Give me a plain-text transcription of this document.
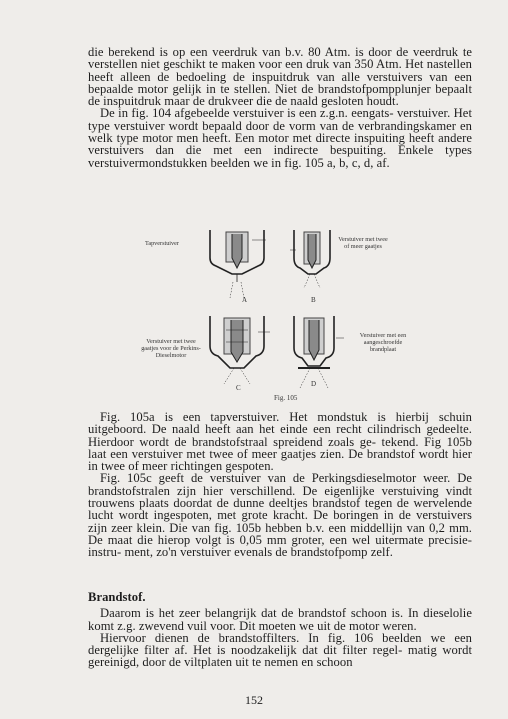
die berekend is op een veerdruk van b.v. 80 Atm. is door de veerdruk te verstellen niet geschikt te maken voor een druk van 350 Atm. Het nastellen heeft alleen de bedoeling de inspuitdruk van alle verstuivers van een bepaalde motor gelijk in te stellen. Niet de brandstofpompplunjer bepaalt de inspuitdruk maar de drukveer die de naald gesloten houdt.

De in fig. 104 afgebeelde verstuiver is een z.g.n. eengats- verstuiver. Het type verstuiver wordt bepaald door de vorm van de verbrandingskamer en welk type motor men heeft. Een motor met directe inspuiting heeft andere verstuivers dan die met een indirecte bespuiting. Enkele types verstuivermondstukken beelden we in fig. 105 a, b, c, d, af.

Tapverstuiver
Verstuiver met twee of meer gaatjes
Verstuiver met twee gaatjes voor de Perkins-Dieselmotor
Verstuiver met een aangeschroefde brandplaat
A	B
C	D
Fig. 105

Fig. 105a is een tapverstuiver. Het mondstuk is hierbij schuin uitgeboord. De naald heeft aan het einde een recht cilindrisch gedeelte. Hierdoor wordt de brandstofstraal spreidend zoals ge- tekend. Fig 105b laat een verstuiver met twee of meer gaatjes zien. De brandstof wordt hier in twee of meer richtingen gespoten.

Fig. 105c geeft de verstuiver van de Perkingsdieselmotor weer. De brandstofstralen zijn hier verschillend. De eigenlijke verstuiving vindt trouwens plaats doordat de dunne deeltjes brandstof tegen de wervelende lucht wordt ingespoten, met grote kracht. De boringen in de verstuivers zijn zeer klein. Die van fig. 105b hebben b.v. een middellijn van 0,2 mm. De maat die hierop volgt is 0,05 mm groter, een wel uitermate precisie-instru- ment, zo'n verstuiver evenals de brandstofpomp zelf.

Brandstof.

Daarom is het zeer belangrijk dat de brandstof schoon is. In dieselolie komt z.g. zwevend vuil voor. Dit moeten we uit de motor weren.

Hiervoor dienen de brandstoffilters. In fig. 106 beelden we een dergelijke filter af. Het is noodzakelijk dat dit filter regel- matig wordt gereinigd, door de viltplaten uit te nemen en schoon

152
